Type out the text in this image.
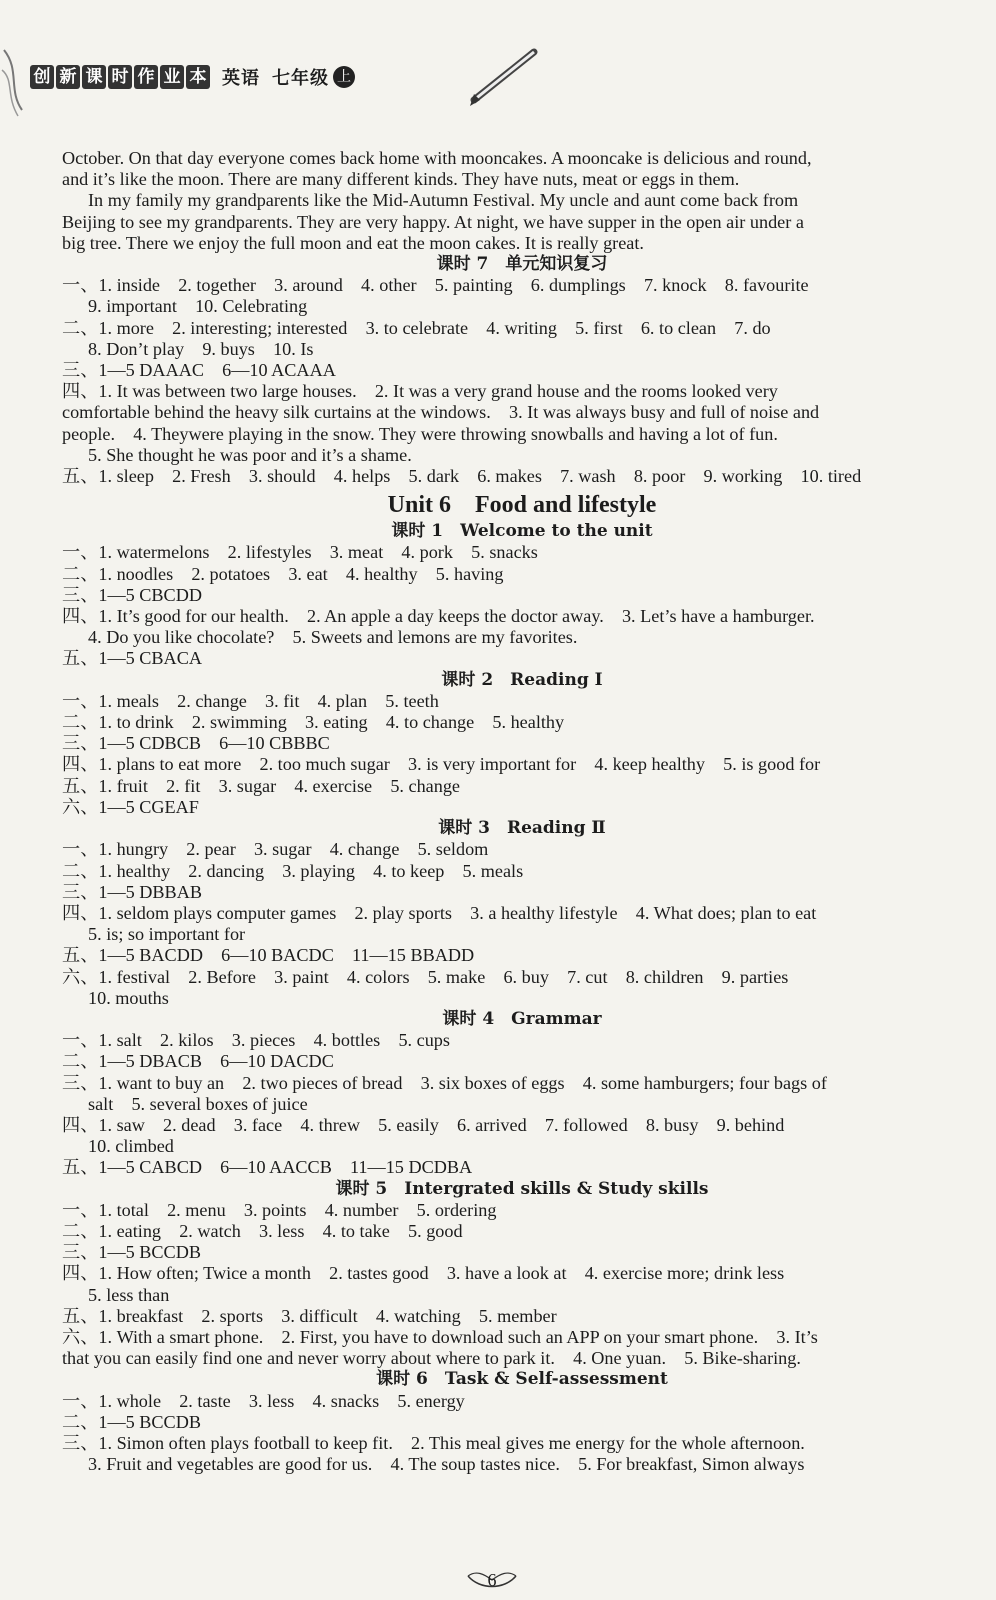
创 新 课 时 作 业 本 英语 七年级 上
October. On that day everyone comes back home with mooncakes. A mooncake is delicious and round,
and it’s like the moon. There are many different kinds. They have nuts, meat or eggs in them.
In my family my grandparents like the Mid-Autumn Festival. My uncle and aunt come back from
Beijing to see my grandparents. They are very happy. At night, we have supper in the open air under a
big tree. There we enjoy the full moon and eat the moon cakes. It is really great.
课时 7　单元知识复习
一、1. inside　2. together　3. around　4. other　5. painting　6. dumplings　7. knock　8. favourite
9. important　10. Celebrating
二、1. more　2. interesting; interested　3. to celebrate　4. writing　5. first　6. to clean　7. do
8. Don’t play　9. buys　10. Is
三、1—5 DAAAC　6—10 ACAAA
四、1. It was between two large houses.　2. It was a very grand house and the rooms looked very
comfortable behind the heavy silk curtains at the windows.　3. It was always busy and full of noise and
people.　4. Theywere playing in the snow. They were throwing snowballs and having a lot of fun.
5. She thought he was poor and it’s a shame.
五、1. sleep　2. Fresh　3. should　4. helps　5. dark　6. makes　7. wash　8. poor　9. working　10. tired
Unit 6　Food and lifestyle
课时 1　Welcome to the unit
一、1. watermelons　2. lifestyles　3. meat　4. pork　5. snacks
二、1. noodles　2. potatoes　3. eat　4. healthy　5. having
三、1—5 CBCDD
四、1. It’s good for our health.　2. An apple a day keeps the doctor away.　3. Let’s have a hamburger.
4. Do you like chocolate?　5. Sweets and lemons are my favorites.
五、1—5 CBACA
课时 2　Reading Ⅰ
一、1. meals　2. change　3. fit　4. plan　5. teeth
二、1. to drink　2. swimming　3. eating　4. to change　5. healthy
三、1—5 CDBCB　6—10 CBBBC
四、1. plans to eat more　2. too much sugar　3. is very important for　4. keep healthy　5. is good for
五、1. fruit　2. fit　3. sugar　4. exercise　5. change
六、1—5 CGEAF
课时 3　Reading Ⅱ
一、1. hungry　2. pear　3. sugar　4. change　5. seldom
二、1. healthy　2. dancing　3. playing　4. to keep　5. meals
三、1—5 DBBAB
四、1. seldom plays computer games　2. play sports　3. a healthy lifestyle　4. What does; plan to eat
5. is; so important for
五、1—5 BACDD　6—10 BACDC　11—15 BBADD
六、1. festival　2. Before　3. paint　4. colors　5. make　6. buy　7. cut　8. children　9. parties
10. mouths
课时 4　Grammar
一、1. salt　2. kilos　3. pieces　4. bottles　5. cups
二、1—5 DBACB　6—10 DACDC
三、1. want to buy an　2. two pieces of bread　3. six boxes of eggs　4. some hamburgers; four bags of
salt　5. several boxes of juice
四、1. saw　2. dead　3. face　4. threw　5. easily　6. arrived　7. followed　8. busy　9. behind
10. climbed
五、1—5 CABCD　6—10 AACCB　11—15 DCDBA
课时 5　Intergrated skills & Study skills
一、1. total　2. menu　3. points　4. number　5. ordering
二、1. eating　2. watch　3. less　4. to take　5. good
三、1—5 BCCDB
四、1. How often; Twice a month　2. tastes good　3. have a look at　4. exercise more; drink less
5. less than
五、1. breakfast　2. sports　3. difficult　4. watching　5. member
六、1. With a smart phone.　2. First, you have to download such an APP on your smart phone.　3. It’s
that you can easily find one and never worry about where to park it.　4. One yuan.　5. Bike-sharing.
课时 6　Task & Self-assessment
一、1. whole　2. taste　3. less　4. snacks　5. energy
二、1—5 BCCDB
三、1. Simon often plays football to keep fit.　2. This meal gives me energy for the whole afternoon.
3. Fruit and vegetables are good for us.　4. The soup tastes nice.　5. For breakfast, Simon always
6
